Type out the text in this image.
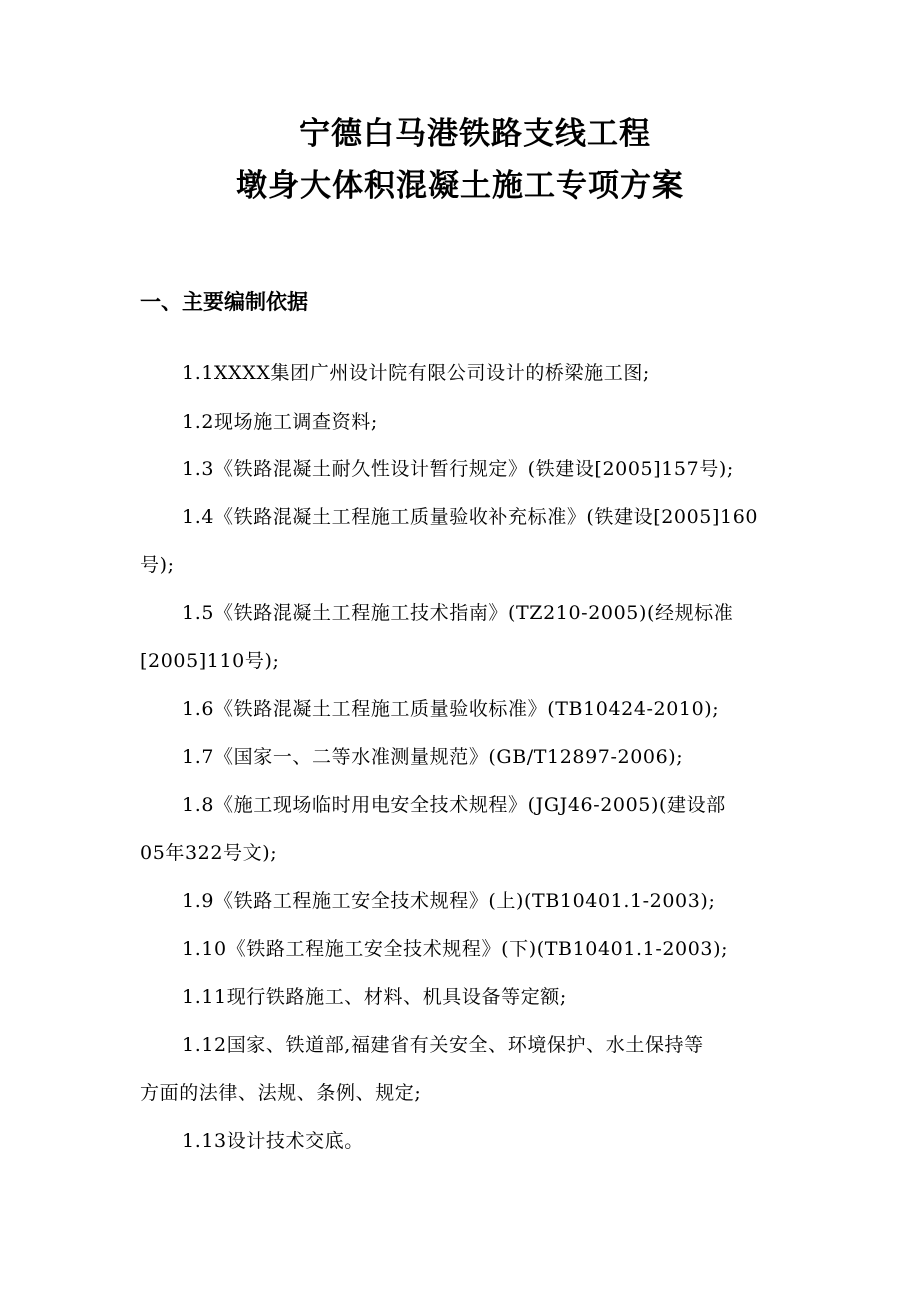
宁德白马港铁路支线工程
墩身大体积混凝土施工专项方案
一、主要编制依据
1.1XXXX集团广州设计院有限公司设计的桥梁施工图;
1.2现场施工调查资料;
1.3《铁路混凝土耐久性设计暂行规定》(铁建设[2005]157号);
1.4《铁路混凝土工程施工质量验收补充标准》(铁建设[2005]160
号);
1.5《铁路混凝土工程施工技术指南》(TZ210-2005)(经规标准
[2005]110号);
1.6《铁路混凝土工程施工质量验收标准》(TB10424-2010);
1.7《国家一、二等水准测量规范》(GB/T12897-2006);
1.8《施工现场临时用电安全技术规程》(JGJ46-2005)(建设部
05年322号文);
1.9《铁路工程施工安全技术规程》(上)(TB10401.1-2003);
1.10《铁路工程施工安全技术规程》(下)(TB10401.1-2003);
1.11现行铁路施工、材料、机具设备等定额;
1.12国家、铁道部,福建省有关安全、环境保护、水土保持等
方面的法律、法规、条例、规定;
1.13设计技术交底。
